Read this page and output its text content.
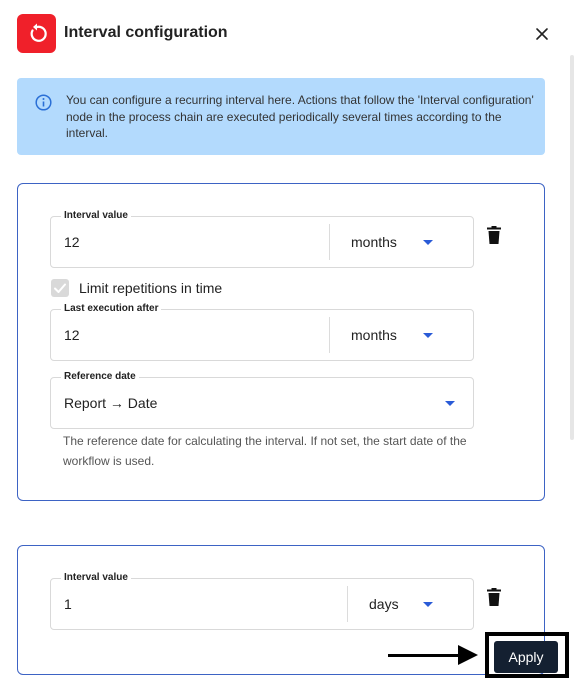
Interval configuration
You can configure a recurring interval here. Actions that follow the 'Interval configuration' node in the process chain are executed periodically several times according to the interval.
Interval value
12	months
Limit repetitions in time
Last execution after
12	months
Reference date
Report → Date
The reference date for calculating the interval. If not set, the start date of the workflow is used.
Interval value
1	days
Apply
